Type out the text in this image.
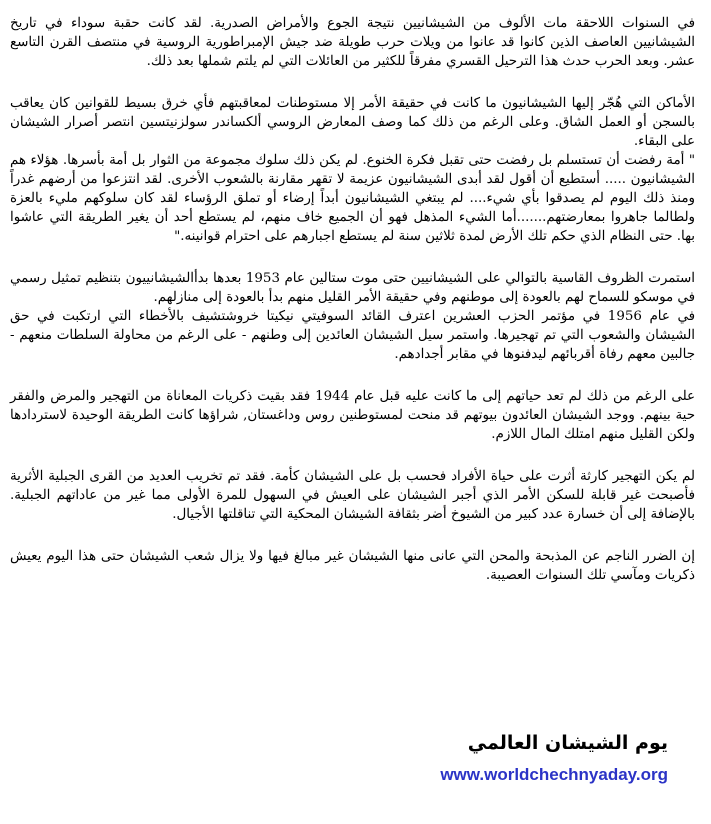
في السنوات اللاحقة مات الألوف من الشيشانيين نتيجة الجوع والأمراض الصدرية. لقد كانت حقبة سوداء في تاريخ الشيشانيين العاصف الذين كانوا قد عانوا من ويلات حرب طويلة ضد جيش الإمبراطورية الروسية في منتصف القرن التاسع عشر. وبعد الحرب حدث هذا الترحيل القسري مفرقاً للكثير من العائلات التي لم يلتم شملها بعد ذلك.

الأماكن التي هُجّر إليها الشيشانيون ما كانت في حقيقة الأمر إلا مستوطنات لمعاقبتهم فأي خرق بسيط للقوانين كان يعاقب بالسجن أو العمل الشاق. وعلى الرغم من ذلك كما وصف المعارض الروسي ألكساندر سولزنيتسين انتصر أصرار الشيشان على البقاء.

" أمة رفضت أن تستسلم بل رفضت حتى تقبل فكرة الخنوع. لم يكن ذلك سلوك مجموعة من الثوار بل أمة بأسرها. هؤلاء هم الشيشانيون ..... أستطيع أن أقول لقد أبدى الشيشانيون عزيمة لا تقهر مقارنة بالشعوب الأخرى. لقد انتزعوا من أرضهم غدراً ومنذ ذلك اليوم لم يصدقوا بأي شيء.... لم يبتغي الشيشانيون أبداً إرضاء أو تملق الرؤساء لقد كان سلوكهم مليء بالعزة ولطالما جاهروا بمعارضتهم.......أما الشيء المذهل فهو أن الجميع خاف منهم، لم يستطع أحد أن يغير الطريقة التي عاشوا بها. حتى النظام الذي حكم تلك الأرض لمدة ثلاثين سنة لم يستطع اجبارهم على احترام قوانينه."

استمرت الظروف القاسية بالتوالي على الشيشانيين حتى موت ستالين عام 1953 بعدها بدأالشيشانييون بتنظيم تمثيل رسمي في موسكو للسماح لهم بالعودة إلى موطنهم وفي حقيقة الأمر القليل منهم بدأ بالعودة إلى منازلهم.

في عام 1956 في مؤتمر الحزب العشرين اعترف القائد السوفيتي نيكيتا خروشتشيف بالأخطاء التي ارتكبت في حق الشيشان والشعوب التي تم تهجيرها. واستمر سيل الشيشان العائدين إلى وطنهم - على الرغم من محاولة السلطات منعهم - جالبين معهم رفاة أقربائهم ليدفنوها في مقابر أجدادهم.

على الرغم من ذلك لم تعد حياتهم إلى ما كانت عليه قبل عام 1944 فقد بقيت ذكريات المعاناة من التهجير والمرض والفقر حية بينهم. ووجد الشيشان العائدون بيوتهم قد منحت لمستوطنين روس وداغستان, شراؤها كانت الطريقة الوحيدة لاستردادها ولكن القليل منهم امتلك المال اللازم.

لم يكن التهجير كارثة أثرت على حياة الأفراد فحسب بل على الشيشان كأمة. فقد تم تخريب العديد من القرى الجبلية الأثرية فأصبحت غير قابلة للسكن الأمر الذي أجبر الشيشان على العيش في السهول للمرة الأولى مما غير من عاداتهم الجبلية. بالإضافة إلى أن خسارة عدد كبير من الشيوخ أضر بثقافة الشيشان المحكية التي تناقلتها الأجيال.

إن الضرر الناجم عن المذبحة والمحن التي عانى منها الشيشان غير مبالغ فيها ولا يزال شعب الشيشان حتى هذا اليوم يعيش ذكريات ومآسي تلك السنوات العصيبة.

يوم الشيشان العالمي
www.worldchechnyaday.org
